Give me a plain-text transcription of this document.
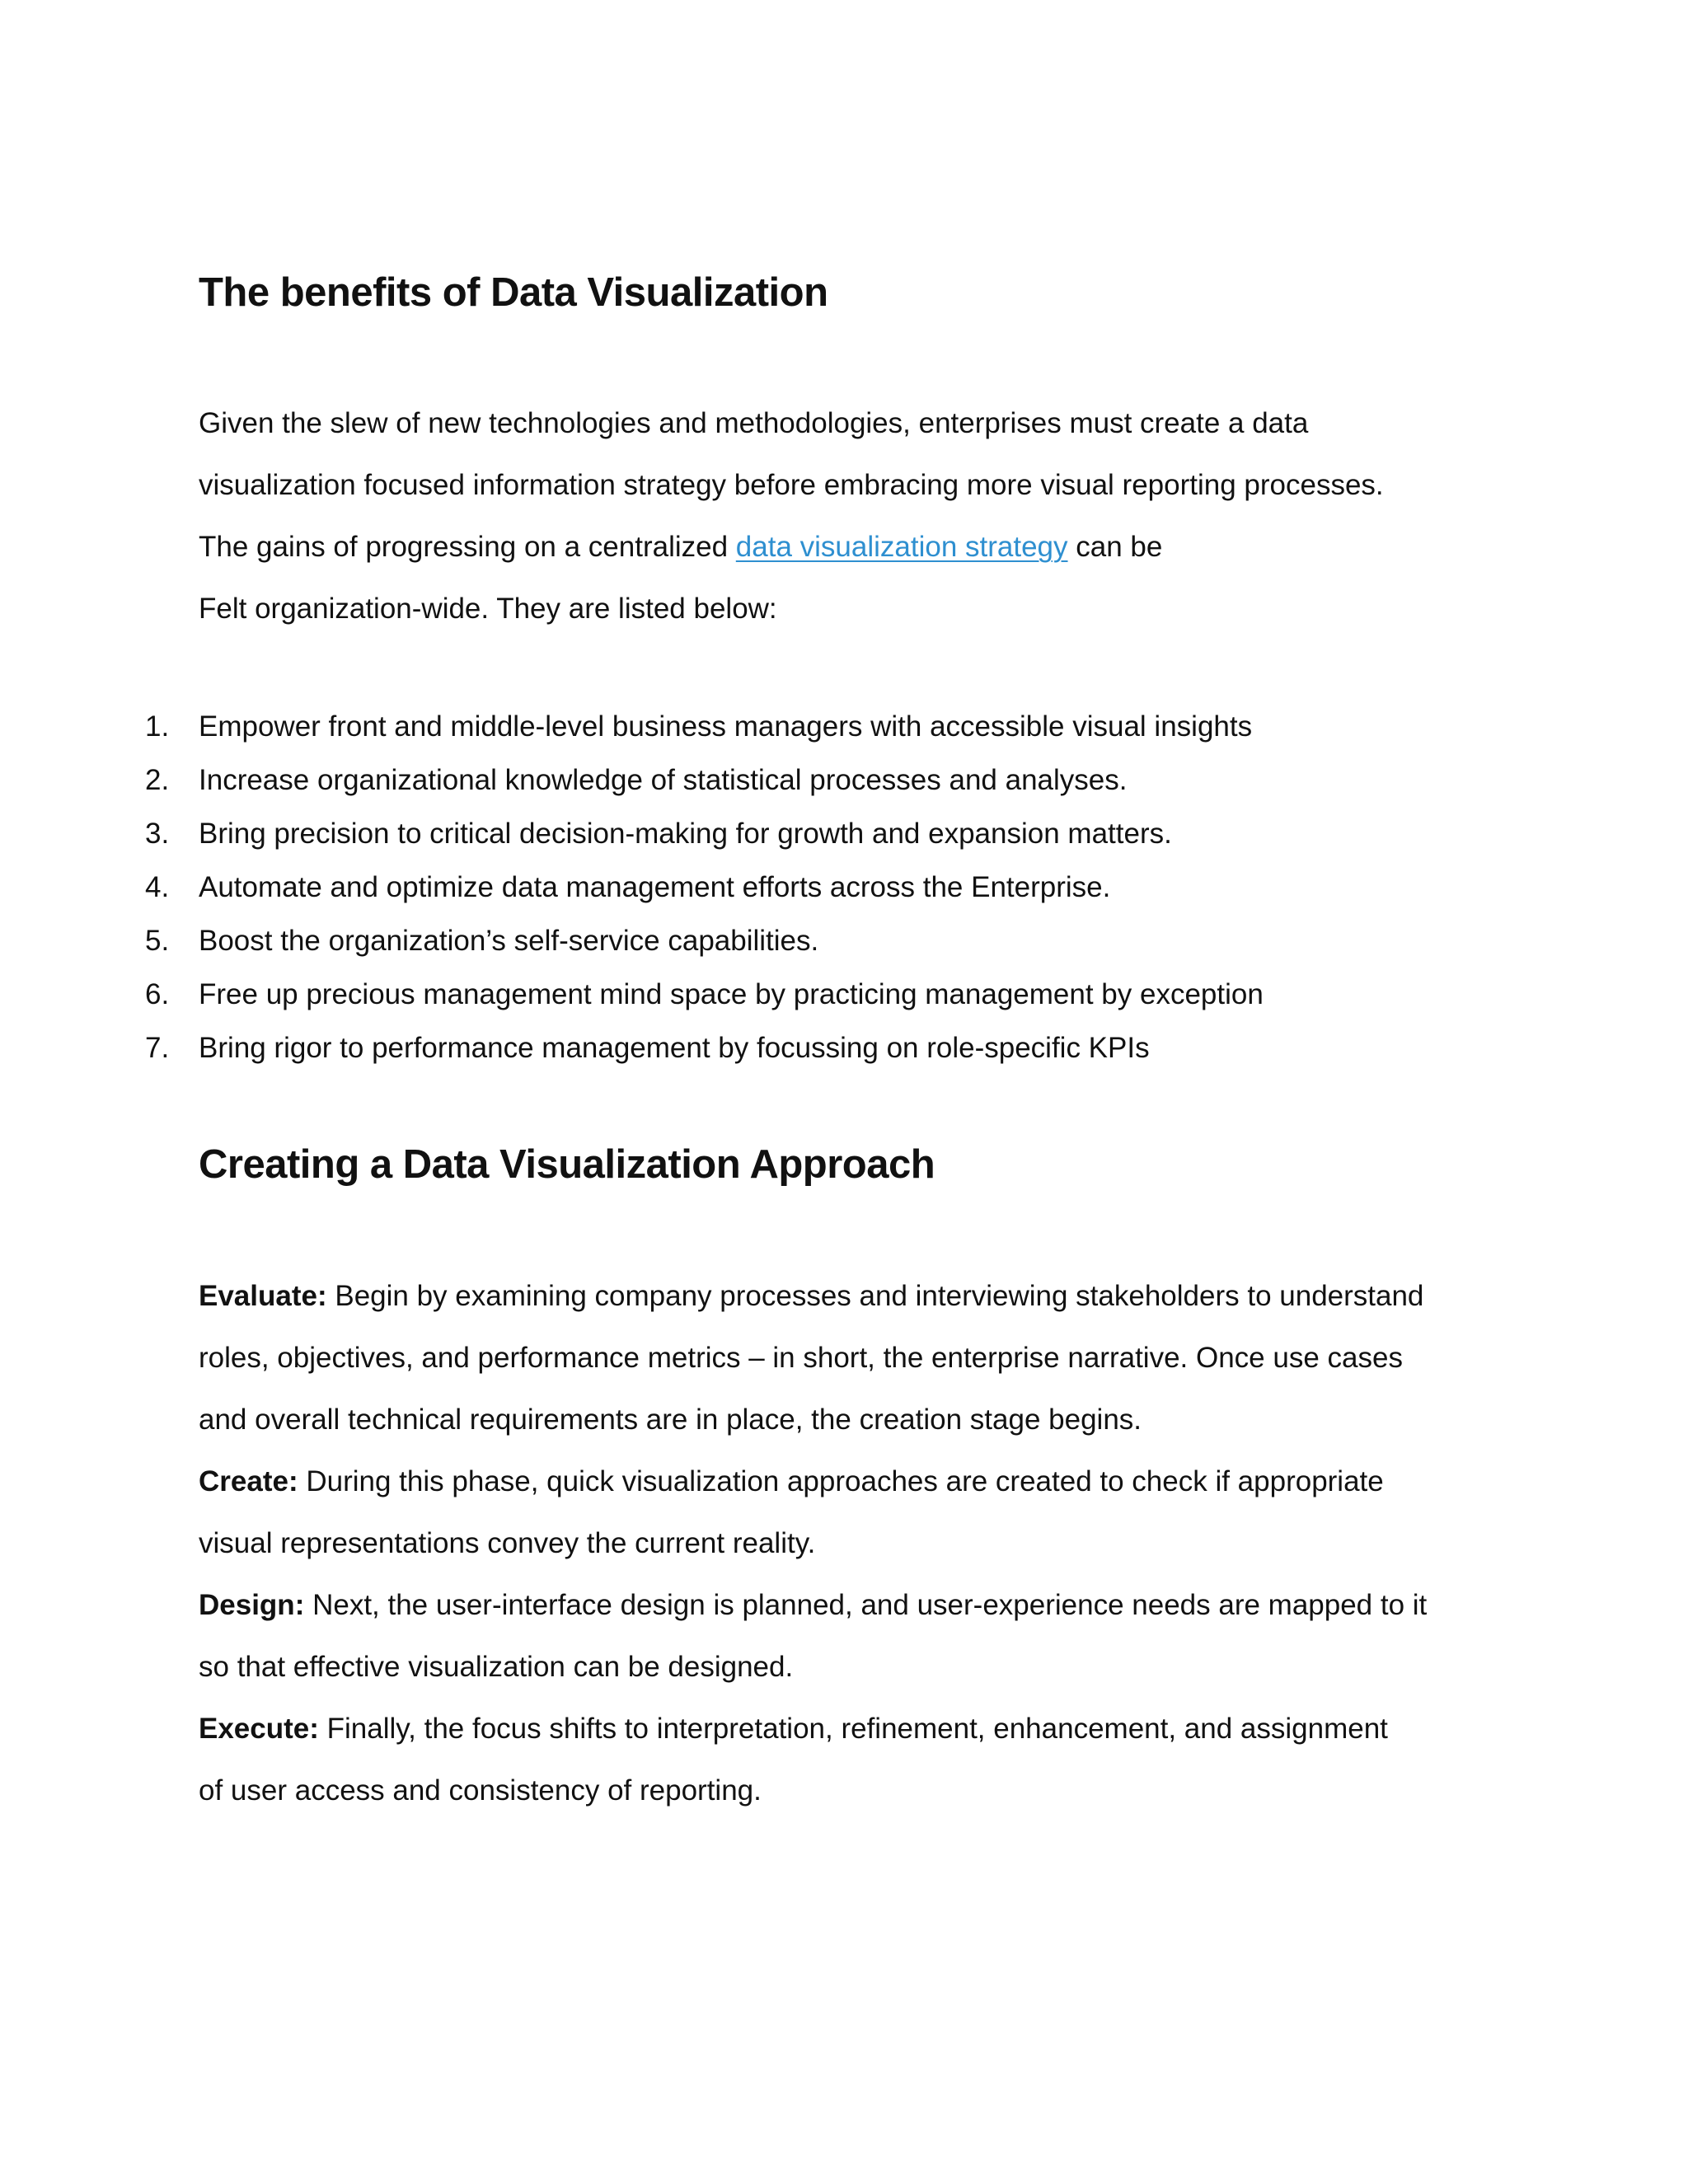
The benefits of Data Visualization

Given the slew of new technologies and methodologies, enterprises must create a data

visualization focused information strategy before embracing more visual reporting processes.

The gains of progressing on a centralized data visualization strategy can be

Felt organization-wide. They are listed below:

1. Empower front and middle-level business managers with accessible visual insights
2. Increase organizational knowledge of statistical processes and analyses.
3. Bring precision to critical decision-making for growth and expansion matters.
4. Automate and optimize data management efforts across the Enterprise.
5. Boost the organization’s self-service capabilities.
6. Free up precious management mind space by practicing management by exception
7. Bring rigor to performance management by focussing on role-specific KPIs
Creating a Data Visualization Approach

Evaluate: Begin by examining company processes and interviewing stakeholders to understand

roles, objectives, and performance metrics – in short, the enterprise narrative. Once use cases

and overall technical requirements are in place, the creation stage begins.

Create: During this phase, quick visualization approaches are created to check if appropriate

visual representations convey the current reality.

Design: Next, the user-interface design is planned, and user-experience needs are mapped to it

so that effective visualization can be designed.

Execute: Finally, the focus shifts to interpretation, refinement, enhancement, and assignment

of user access and consistency of reporting.
